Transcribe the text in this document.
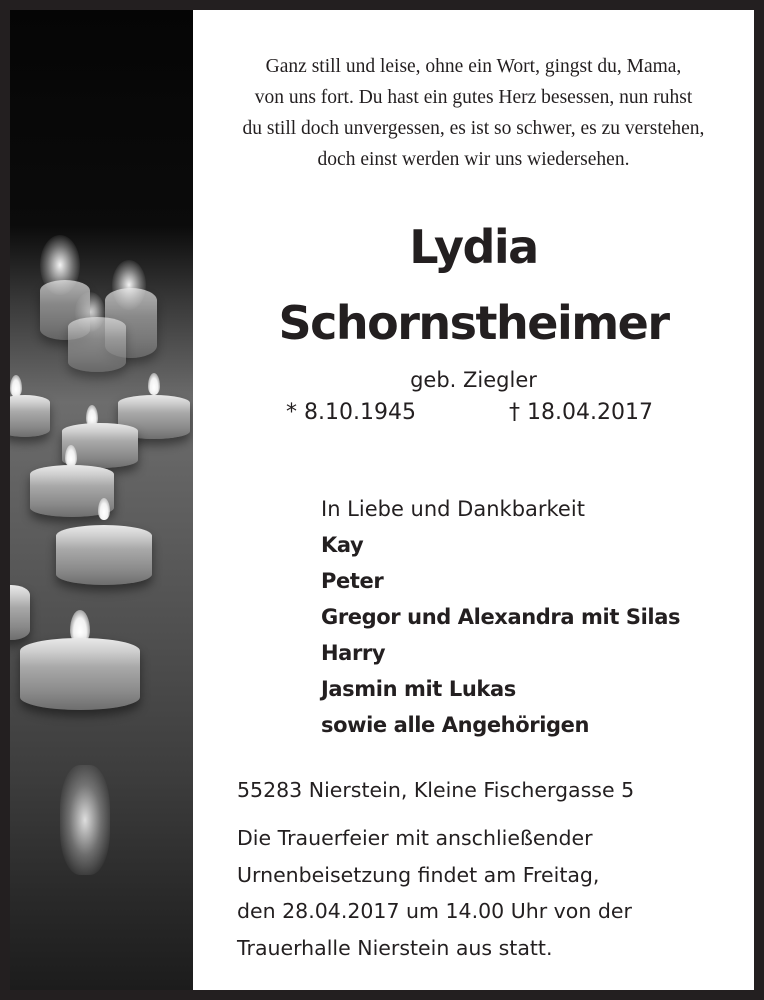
Ganz still und leise, ohne ein Wort, gingst du, Mama,
von uns fort. Du hast ein gutes Herz besessen, nun ruhst
du still doch unvergessen, es ist so schwer, es zu verstehen,
doch einst werden wir uns wiedersehen.
Lydia
Schornstheimer
geb. Ziegler
* 8.10.1945	† 18.04.2017
In Liebe und Dankbarkeit
Kay
Peter
Gregor und Alexandra mit Silas
Harry
Jasmin mit Lukas
sowie alle Angehörigen
55283 Nierstein, Kleine Fischergasse 5
Die Trauerfeier mit anschließender
Urnenbeisetzung findet am Freitag,
den 28.04.2017 um 14.00 Uhr von der
Trauerhalle Nierstein aus statt.
